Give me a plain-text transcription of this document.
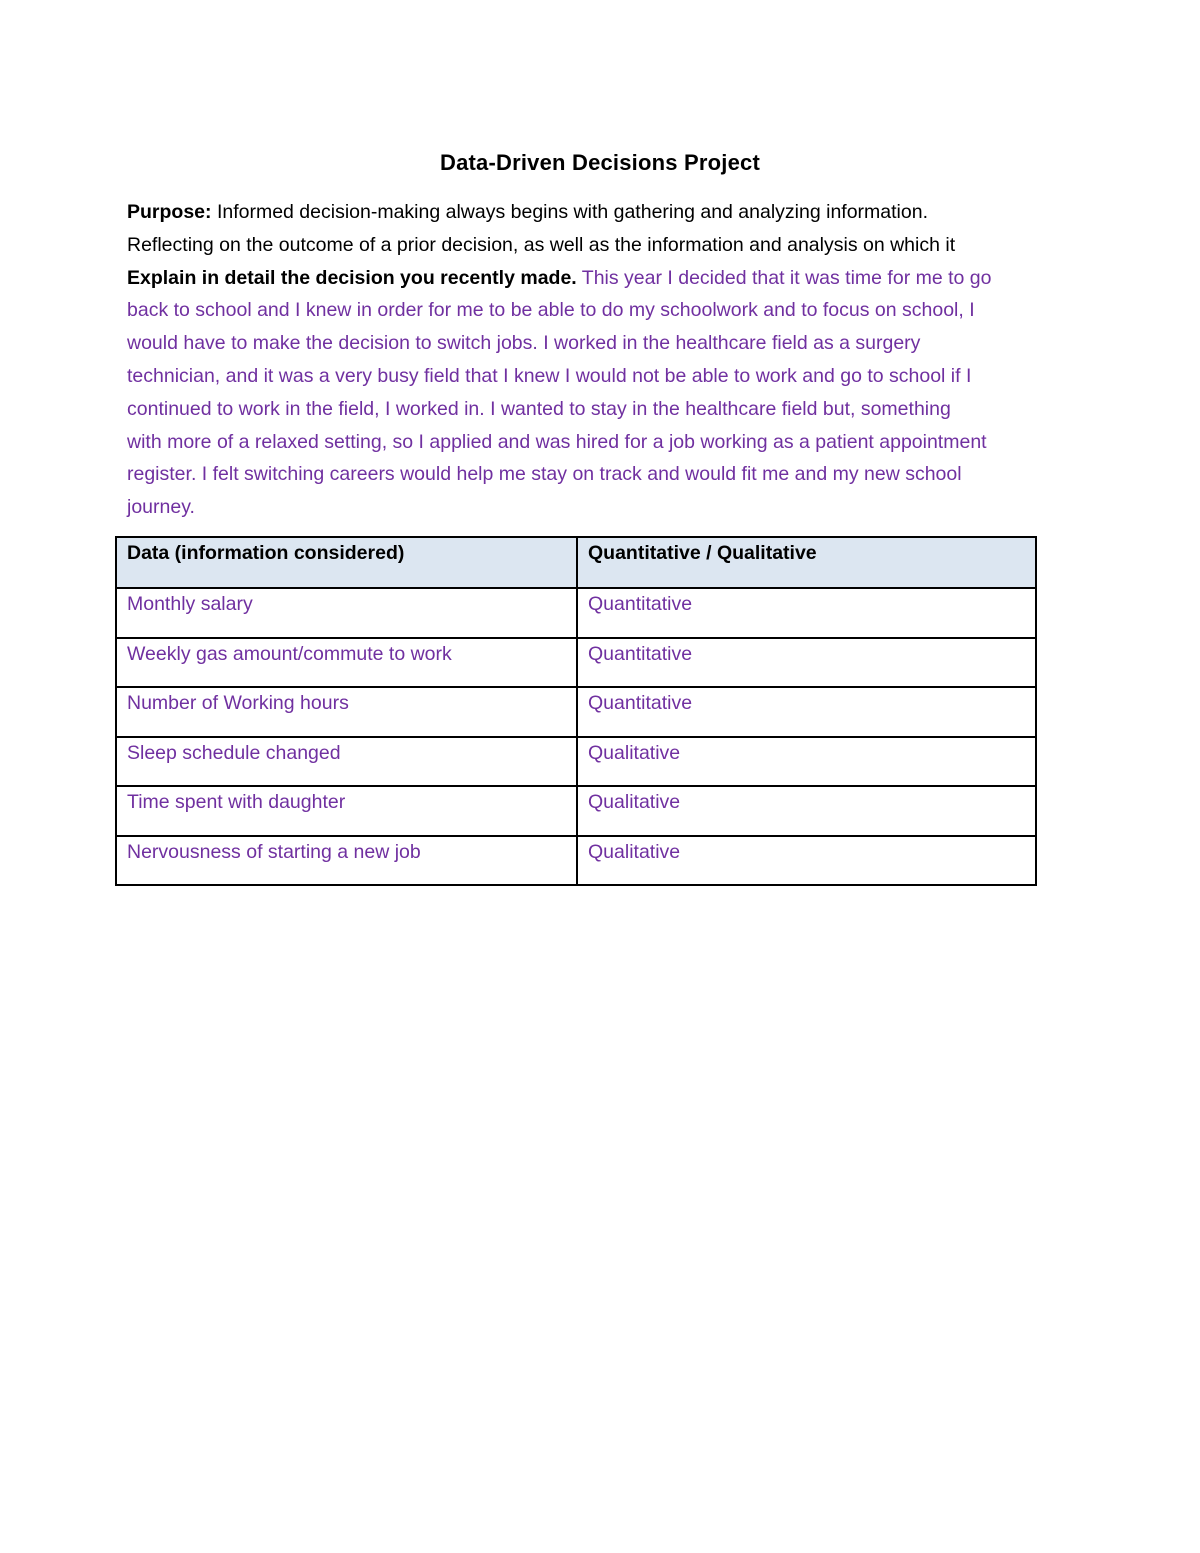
Data-Driven Decisions Project
Purpose: Informed decision-making always begins with gathering and analyzing information.
Reflecting on the outcome of a prior decision, as well as the information and analysis on which it
Explain in detail the decision you recently made. This year I decided that it was time for me to go
back to school and I knew in order for me to be able to do my schoolwork and to focus on school, I
would have to make the decision to switch jobs. I worked in the healthcare field as a surgery
technician, and it was a very busy field that I knew I would not be able to work and go to school if I
continued to work in the field, I worked in. I wanted to stay in the healthcare field but, something
with more of a relaxed setting, so I applied and was hired for a job working as a patient appointment
register. I felt switching careers would help me stay on track and would fit me and my new school
journey.
Data (information considered)	Quantitative / Qualitative
Monthly salary	Quantitative
Weekly gas amount/commute to work	Quantitative
Number of Working hours	Quantitative
Sleep schedule changed	Qualitative
Time spent with daughter	Qualitative
Nervousness of starting a new job	Qualitative
